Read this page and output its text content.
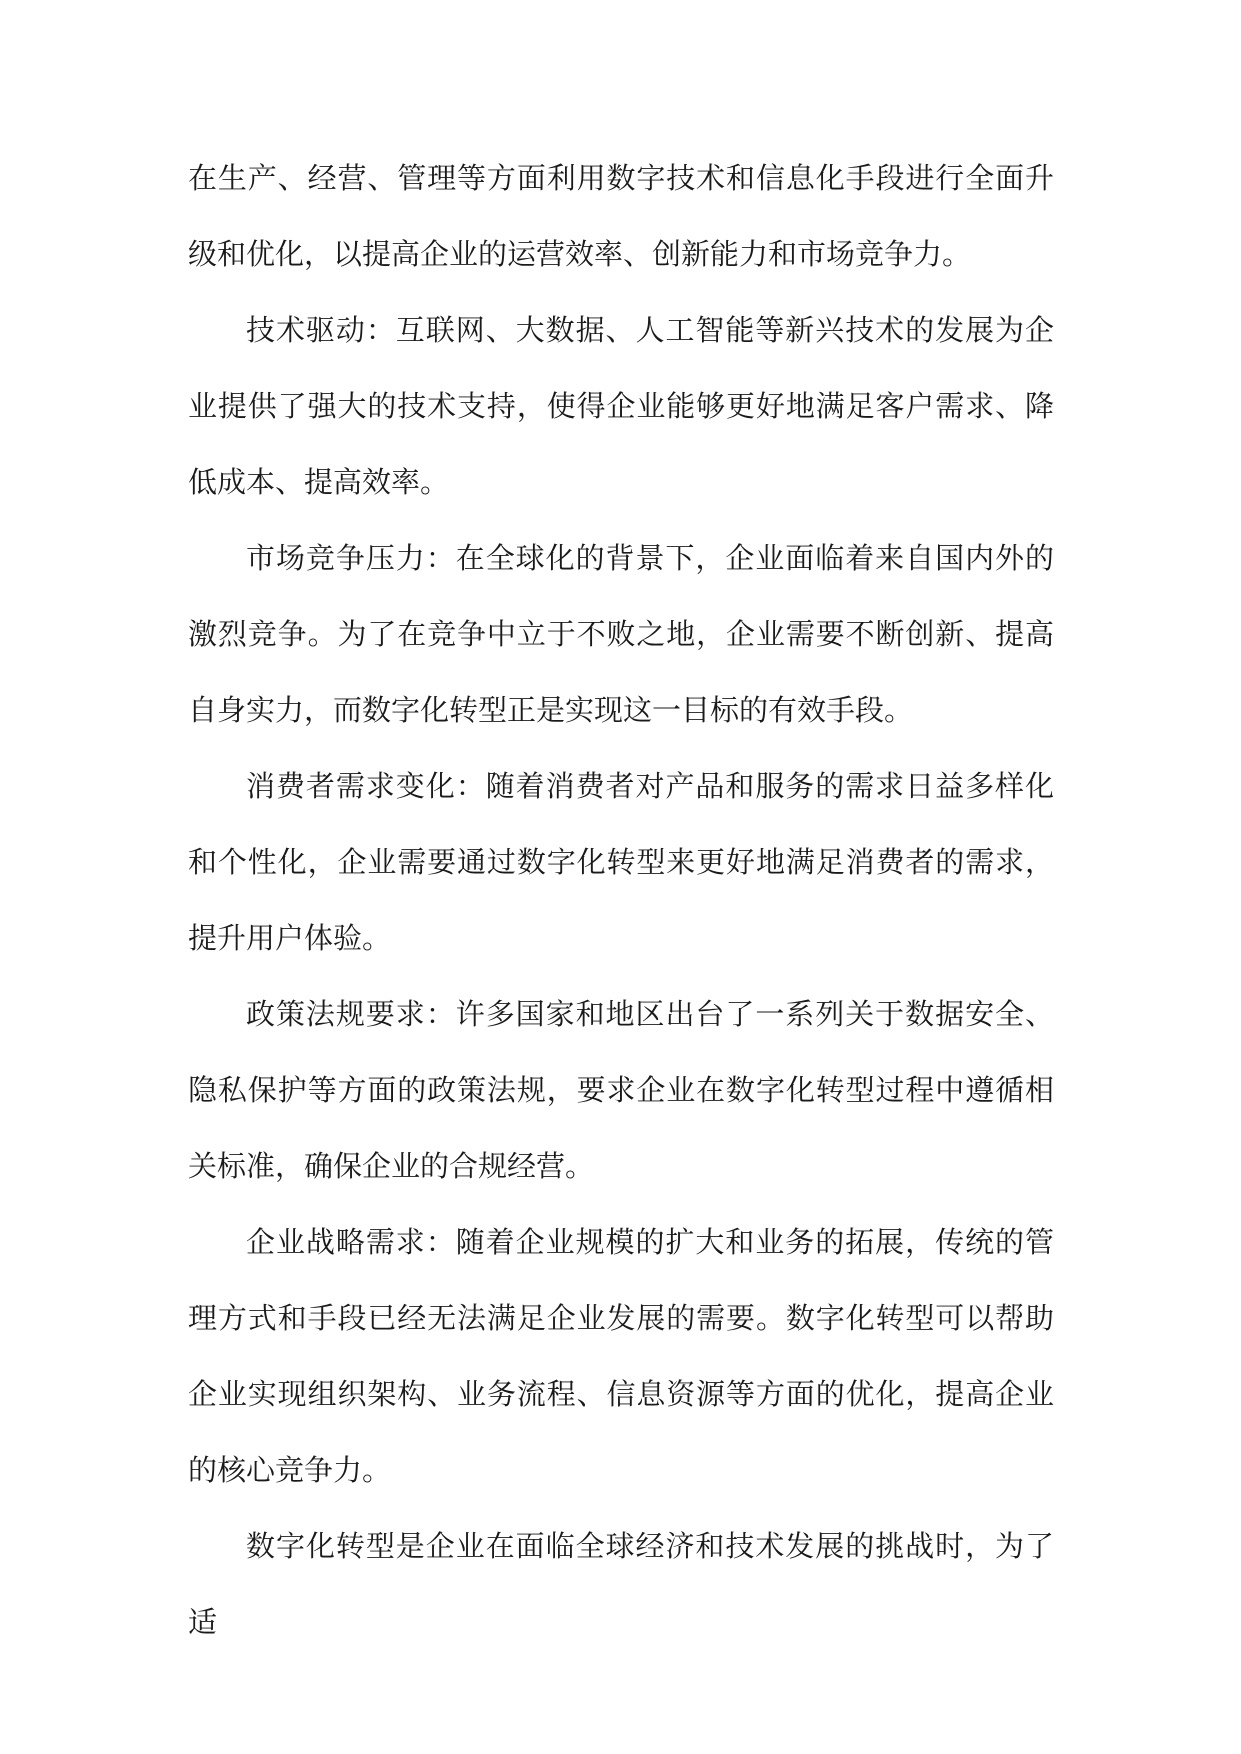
在生产、经营、管理等方面利用数字技术和信息化手段进行全面升级和优化，以提高企业的运营效率、创新能力和市场竞争力。

技术驱动：互联网、大数据、人工智能等新兴技术的发展为企业提供了强大的技术支持，使得企业能够更好地满足客户需求、降低成本、提高效率。

市场竞争压力：在全球化的背景下，企业面临着来自国内外的激烈竞争。为了在竞争中立于不败之地，企业需要不断创新、提高自身实力，而数字化转型正是实现这一目标的有效手段。

消费者需求变化：随着消费者对产品和服务的需求日益多样化和个性化，企业需要通过数字化转型来更好地满足消费者的需求，提升用户体验。

政策法规要求：许多国家和地区出台了一系列关于数据安全、隐私保护等方面的政策法规，要求企业在数字化转型过程中遵循相关标准，确保企业的合规经营。

企业战略需求：随着企业规模的扩大和业务的拓展，传统的管理方式和手段已经无法满足企业发展的需要。数字化转型可以帮助企业实现组织架构、业务流程、信息资源等方面的优化，提高企业的核心竞争力。

数字化转型是企业在面临全球经济和技术发展的挑战时，为了适
